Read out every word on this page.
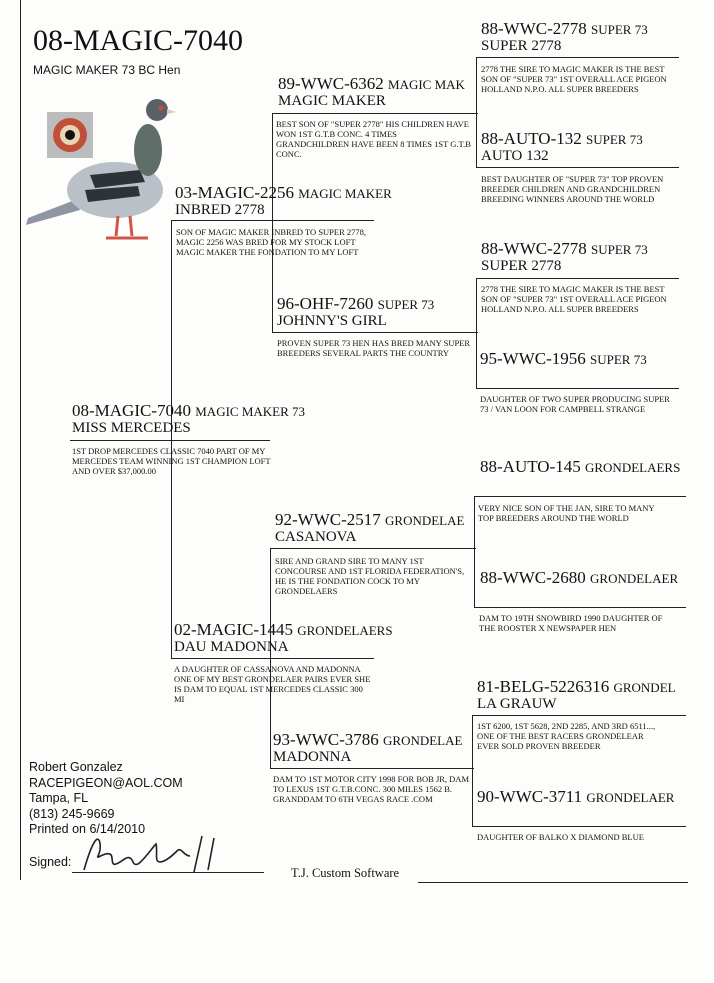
08-MAGIC-7040
MAGIC MAKER 73 BC Hen
08-MAGIC-7040 MAGIC MAKER 73
MISS MERCEDES
1ST DROP MERCEDES CLASSIC 7040 PART OF MY MERCEDES TEAM WINNING 1ST CHAMPION LOFT AND OVER $37,000.00
03-MAGIC-2256 MAGIC MAKER
INBRED 2778
SON OF MAGIC MAKER INBRED TO SUPER 2778, MAGIC 2256 WAS BRED FOR MY STOCK LOFT MAGIC MAKER THE FONDATION TO MY LOFT
02-MAGIC-1445 GRONDELAERS
DAU MADONNA
A DAUGHTER OF CASSANOVA AND MADONNA ONE OF MY BEST GRONDELAER PAIRS EVER SHE IS DAM TO EQUAL 1ST MERCEDES CLASSIC 300 MI
89-WWC-6362 MAGIC MAK
MAGIC MAKER
BEST SON OF "SUPER 2778" HIS CHILDREN HAVE WON 1ST G.T.B CONC. 4 TIMES GRANDCHILDREN HAVE BEEN 8 TIMES 1ST G.T.B CONC.
96-OHF-7260 SUPER 73
JOHNNY'S GIRL
PROVEN SUPER 73 HEN HAS BRED MANY SUPER BREEDERS SEVERAL PARTS THE COUNTRY
92-WWC-2517 GRONDELAE
CASANOVA
SIRE AND GRAND SIRE TO MANY 1ST CONCOURSE AND 1ST FLORIDA FEDERATION'S, HE IS THE FONDATION COCK TO MY GRONDELAERS
93-WWC-3786 GRONDELAE
MADONNA
DAM TO 1ST MOTOR CITY 1998 FOR BOB JR, DAM TO LEXUS 1ST G.T.B.CONC. 300 MILES 1562 B. GRANDDAM TO 6TH VEGAS RACE .COM
88-WWC-2778 SUPER 73
SUPER 2778
2778 THE SIRE TO MAGIC MAKER IS THE BEST SON OF "SUPER 73" 1ST OVERALL ACE PIGEON HOLLAND N.P.O. ALL SUPER BREEDERS
88-AUTO-132 SUPER 73
AUTO 132
BEST DAUGHTER OF "SUPER 73" TOP PROVEN BREEDER CHILDREN AND GRANDCHILDREN BREEDING WINNERS AROUND THE WORLD
88-WWC-2778 SUPER 73
SUPER 2778
2778 THE SIRE TO MAGIC MAKER IS THE BEST SON OF "SUPER 73" 1ST OVERALL ACE PIGEON HOLLAND N.P.O. ALL SUPER BREEDERS
95-WWC-1956 SUPER 73
DAUGHTER OF TWO SUPER PRODUCING SUPER 73 / VAN LOON FOR CAMPBELL STRANGE
88-AUTO-145 GRONDELAERS
VERY NICE SON OF THE JAN, SIRE TO MANY TOP BREEDERS AROUND THE WORLD
88-WWC-2680 GRONDELAER
DAM TO 19TH SNOWBIRD 1990 DAUGHTER OF THE ROOSTER X NEWSPAPER HEN
81-BELG-5226316 GRONDEL
LA GRAUW
1ST 6200, 1ST 5628, 2ND 2285, AND 3RD 6511..., ONE OF THE BEST RACERS GRONDELEAR EVER SOLD PROVEN BREEDER
90-WWC-3711 GRONDELAER
DAUGHTER OF BALKO X DIAMOND BLUE
Robert Gonzalez
RACEPIGEON@AOL.COM
Tampa, FL
(813) 245-9669
Printed on 6/14/2010
Signed:
T.J. Custom Software
